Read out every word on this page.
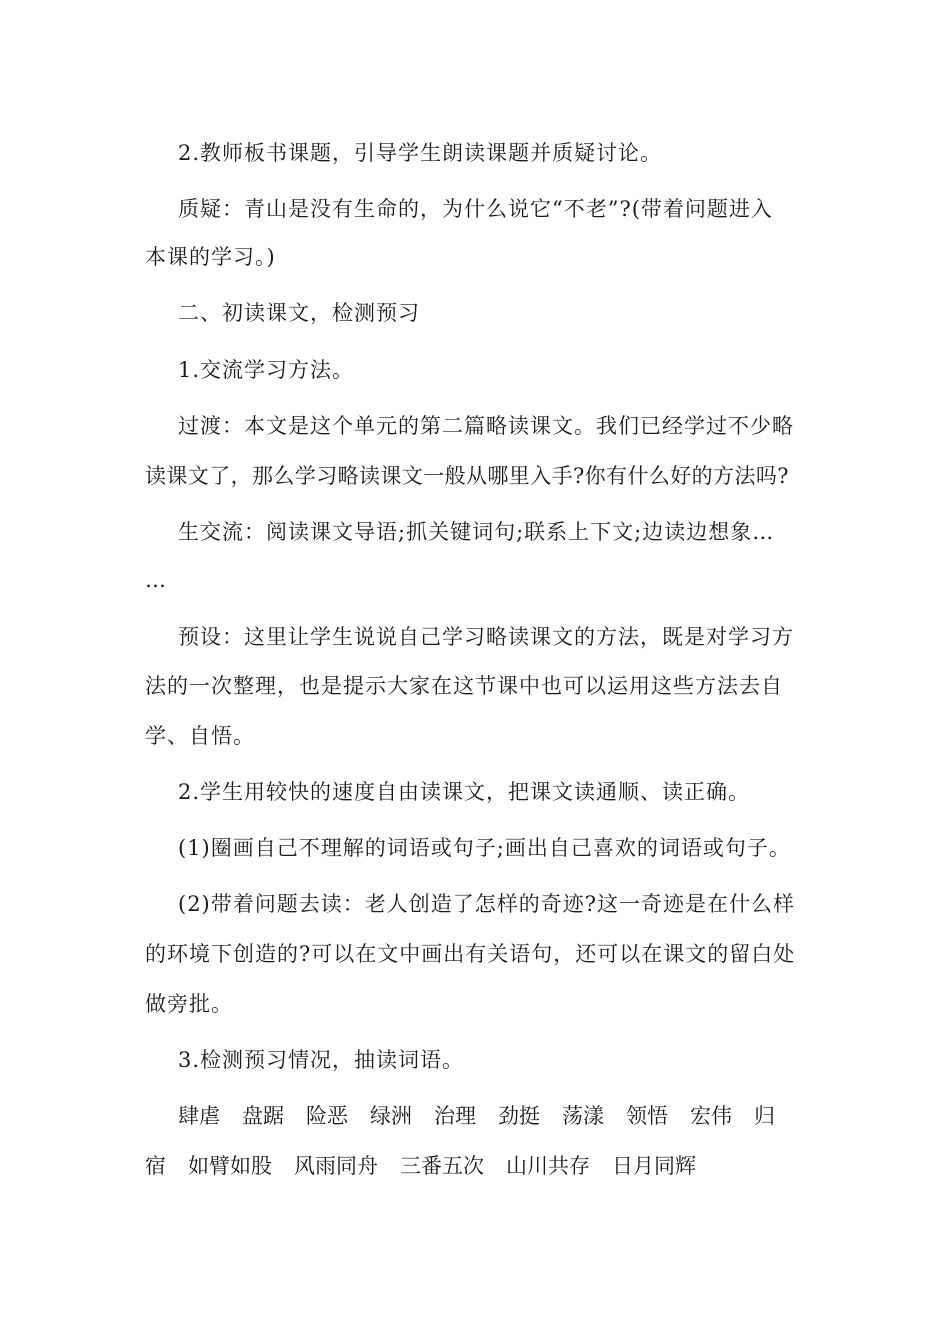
2.教师板书课题，引导学生朗读课题并质疑讨论。
质疑：青山是没有生命的，为什么说它“不老”?(带着问题进入
本课的学习。)
二、初读课文，检测预习
1.交流学习方法。
过渡：本文是这个单元的第二篇略读课文。我们已经学过不少略
读课文了，那么学习略读课文一般从哪里入手?你有什么好的方法吗?
生交流：阅读课文导语;抓关键词句;联系上下文;边读边想象…
…
预设：这里让学生说说自己学习略读课文的方法，既是对学习方
法的一次整理，也是提示大家在这节课中也可以运用这些方法去自
学、自悟。
2.学生用较快的速度自由读课文，把课文读通顺、读正确。
(1)圈画自己不理解的词语或句子;画出自己喜欢的词语或句子。
(2)带着问题去读：老人创造了怎样的奇迹?这一奇迹是在什么样
的环境下创造的?可以在文中画出有关语句，还可以在课文的留白处
做旁批。
3.检测预习情况，抽读词语。
肆虐 盘踞 险恶 绿洲 治理 劲挺 荡漾 领悟 宏伟 归
宿 如臂如股 风雨同舟 三番五次 山川共存 日月同辉
